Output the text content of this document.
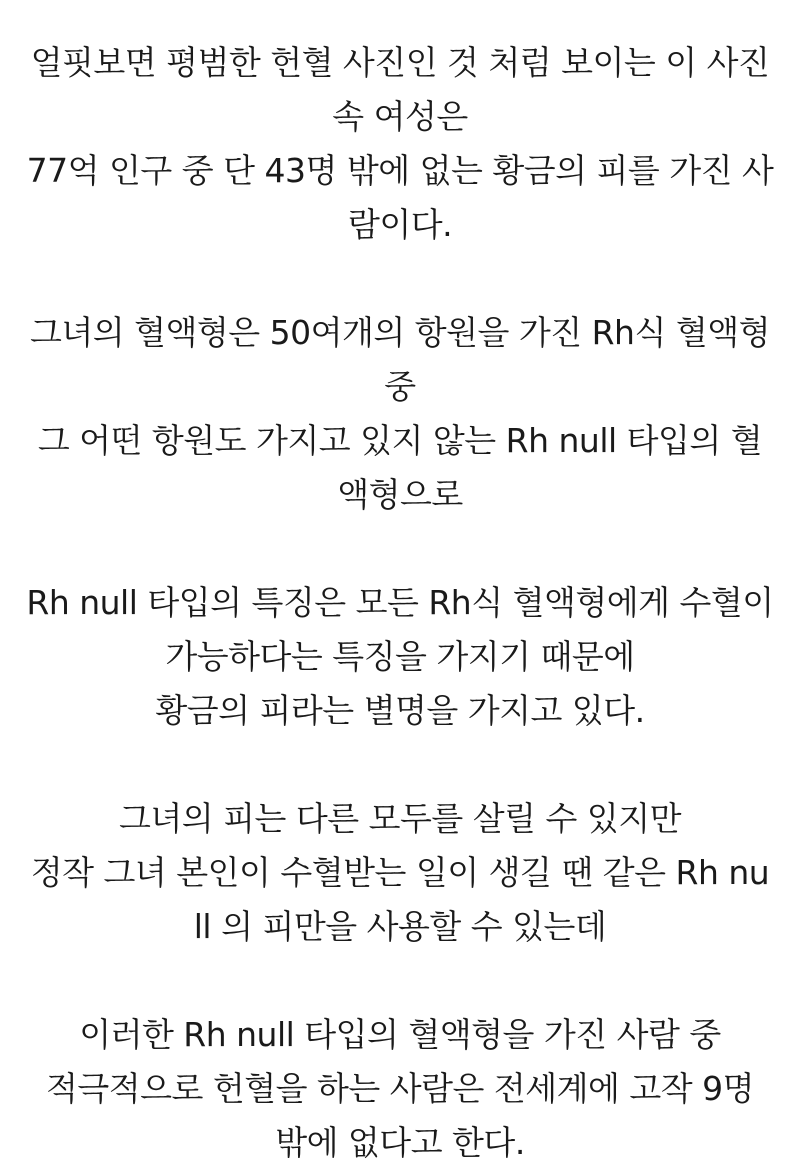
얼핏보면 평범한 헌혈 사진인 것 처럼 보이는 이 사진
속 여성은
77억 인구 중 단 43명 밖에 없는 황금의 피를 가진 사
람이다.
그녀의 혈액형은 50여개의 항원을 가진 Rh식 혈액형
중
그 어떤 항원도 가지고 있지 않는 Rh null 타입의 혈
액형으로
Rh null 타입의 특징은 모든 Rh식 혈액형에게 수혈이
가능하다는 특징을 가지기 때문에
황금의 피라는 별명을 가지고 있다.
그녀의 피는 다른 모두를 살릴 수 있지만
정작 그녀 본인이 수혈받는 일이 생길 땐 같은 Rh nu
ll 의 피만을 사용할 수 있는데
이러한 Rh null 타입의 혈액형을 가진 사람 중
적극적으로 헌혈을 하는 사람은 전세계에 고작 9명
밖에 없다고 한다.
